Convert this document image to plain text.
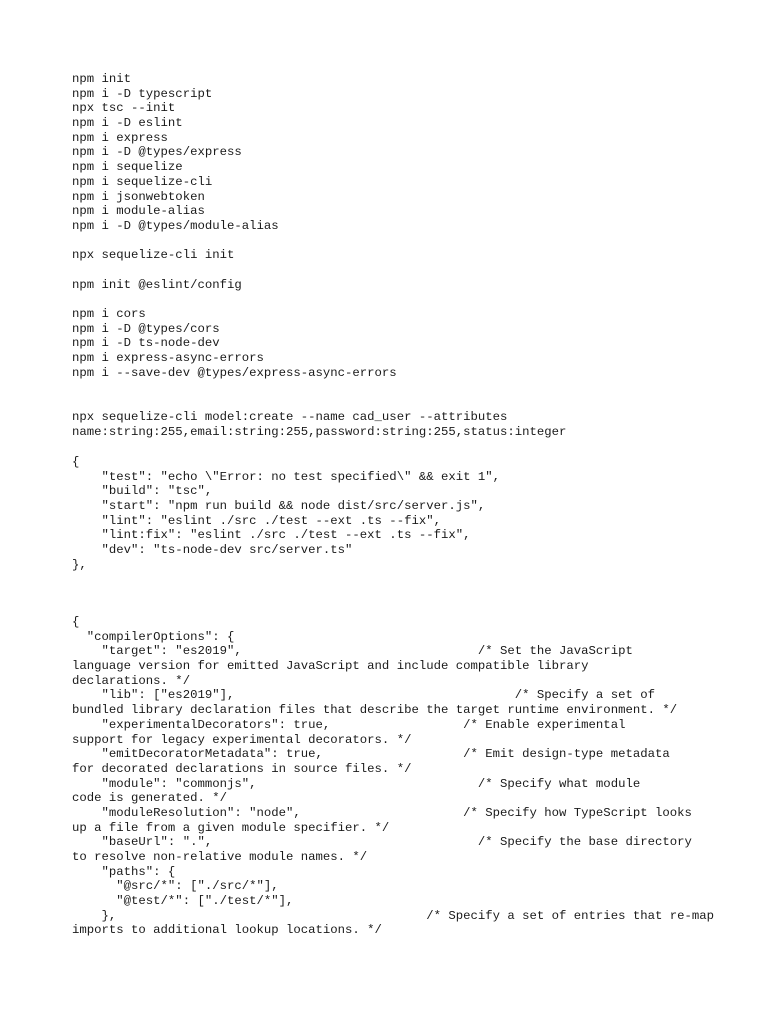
npm init
npm i -D typescript
npx tsc --init
npm i -D eslint
npm i express
npm i -D @types/express
npm i sequelize
npm i sequelize-cli
npm i jsonwebtoken
npm i module-alias
npm i -D @types/module-alias
npx sequelize-cli init
npm init @eslint/config
npm i cors
npm i -D @types/cors
npm i -D ts-node-dev
npm i express-async-errors
npm i --save-dev @types/express-async-errors
npx sequelize-cli model:create --name cad_user --attributes
name:string:255,email:string:255,password:string:255,status:integer
{
"test": "echo \"Error: no test specified\" && exit 1",
"build": "tsc",
"start": "npm run build && node dist/src/server.js",
"lint": "eslint ./src ./test --ext .ts --fix",
"lint:fix": "eslint ./src ./test --ext .ts --fix",
"dev": "ts-node-dev src/server.ts"
},
{
"compilerOptions": {
"target": "es2019",                                /* Set the JavaScript
language version for emitted JavaScript and include compatible library
declarations. */
"lib": ["es2019"],                                      /* Specify a set of
bundled library declaration files that describe the target runtime environment. */
"experimentalDecorators": true,                  /* Enable experimental
support for legacy experimental decorators. */
"emitDecoratorMetadata": true,                   /* Emit design-type metadata
for decorated declarations in source files. */
"module": "commonjs",                              /* Specify what module
code is generated. */
"moduleResolution": "node",                      /* Specify how TypeScript looks
up a file from a given module specifier. */
"baseUrl": ".",                                    /* Specify the base directory
to resolve non-relative module names. */
"paths": {
"@src/*": ["./src/*"],
"@test/*": ["./test/*"],
},                                          /* Specify a set of entries that re-map
imports to additional lookup locations. */
